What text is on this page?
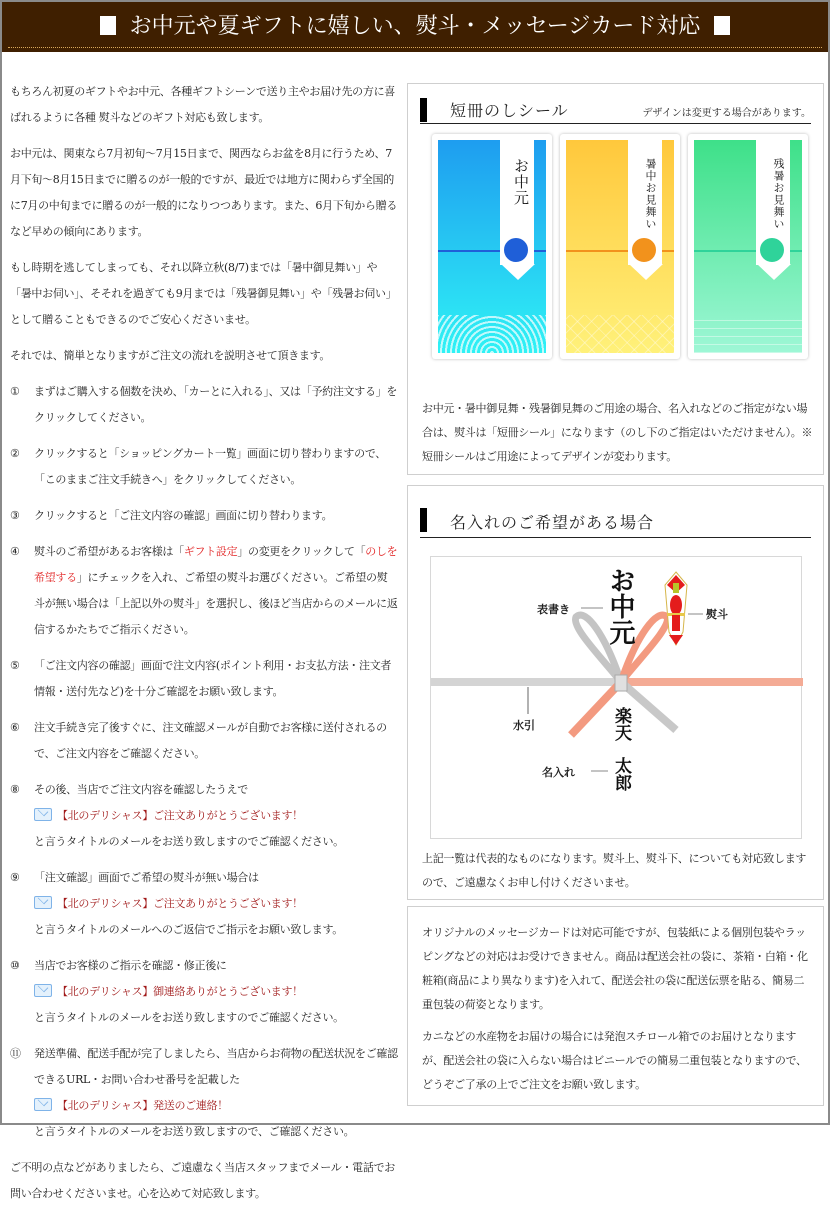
お中元や夏ギフトに嬉しい、熨斗・メッセージカード対応

もちろん初夏のギフトやお中元、各種ギフトシーンで送り主やお届け先の方に喜ばれるように各種 熨斗などのギフト対応も致します。

お中元は、関東なら7月初旬～7月15日まで、関西ならお盆を8月に行うため、7月下旬～8月15日までに贈るのが一般的ですが、最近では地方に関わらず全国的に7月の中旬までに贈るのが一般的になりつつあります。また、6月下旬から贈るなど早めの傾向にあります。

もし時期を逃してしまっても、それ以降立秋(8/7)までは「暑中御見舞い」や「暑中お伺い」、そそれを過ぎても9月までは「残暑御見舞い」や「残暑お伺い」として贈ることもできるのでご安心くださいませ。

それでは、簡単となりますがご注文の流れを説明させて頂きます。

① まずはご購入する個数を決め、「カーとに入れる」、又は「予約注文する」をクリックしてください。
② クリックすると「ショッピングカート一覧」画面に切り替わりますので、「このままご注文手続きへ」をクリックしてください。
③ クリックすると「ご注文内容の確認」画面に切り替わります。
④ 熨斗のご希望があるお客様は「ギフト設定」の変更をクリックして「のしを希望する」にチェックを入れ、ご希望の熨斗お選びください。ご希望の熨斗が無い場合は「上記以外の熨斗」を選択し、後ほど当店からのメールに返信するかたちでご指示ください。
⑤ 「ご注文内容の確認」画面で注文内容(ポイント利用・お支払方法・注文者情報・送付先など)を十分ご確認をお願い致します。
⑥ 注文手続き完了後すぐに、注文確認メールが自動でお客様に送付されるので、ご注文内容をご確認ください。
⑧ その後、当店でご注文内容を確認したうえで
【北のデリシャス】ご注文ありがとうございます！
と言うタイトルのメールをお送り致しますのでご確認ください。
⑨ 「注文確認」画面でご希望の熨斗が無い場合は
【北のデリシャス】ご注文ありがとうございます！
と言うタイトルのメールへのご返信でご指示をお願い致します。
⑩ 当店でお客様のご指示を確認・修正後に
【北のデリシャス】御連絡ありがとうございます！
と言うタイトルのメールをお送り致しますのでご確認ください。
⑪ 発送準備、配送手配が完了しましたら、当店からお荷物の配送状況をご確認できるURL・お問い合わせ番号を記載した
【北のデリシャス】発送のご連絡！
と言うタイトルのメールをお送り致しますので、ご確認ください。

ご不明の点などがありましたら、ご遠慮なく当店スタッフまでメール・電話でお問い合わせくださいませ。心を込めて対応致します。

短冊のしシール	デザインは変更する場合があります。
お中元	暑中お見舞い	残暑お見舞い
お中元・暑中御見舞・残暑御見舞のご用途の場合、名入れなどのご指定がない場合は、熨斗は「短冊シール」になります（のし下のご指定はいただけません）。※短冊シールはご用途によってデザインが変わります。
名入れのご希望がある場合
表書き お中元	熨斗
水引	楽天
名入れ 太郎
上記一覧は代表的なものになります。熨斗上、熨斗下、についても対応致しますので、ご遠慮なくお申し付けくださいませ。
オリジナルのメッセージカードは対応可能ですが、包装紙による個別包装やラッピングなどの対応はお受けできません。商品は配送会社の袋に、茶箱・白箱・化粧箱(商品により異なります)を入れて、配送会社の袋に配送伝票を貼る、簡易二重包装の荷姿となります。
カニなどの水産物をお届けの場合には発泡スチロール箱でのお届けとなりますが、配送会社の袋に入らない場合はビニールでの簡易二重包装となりますので、どうぞご了承の上でご注文をお願い致します。
